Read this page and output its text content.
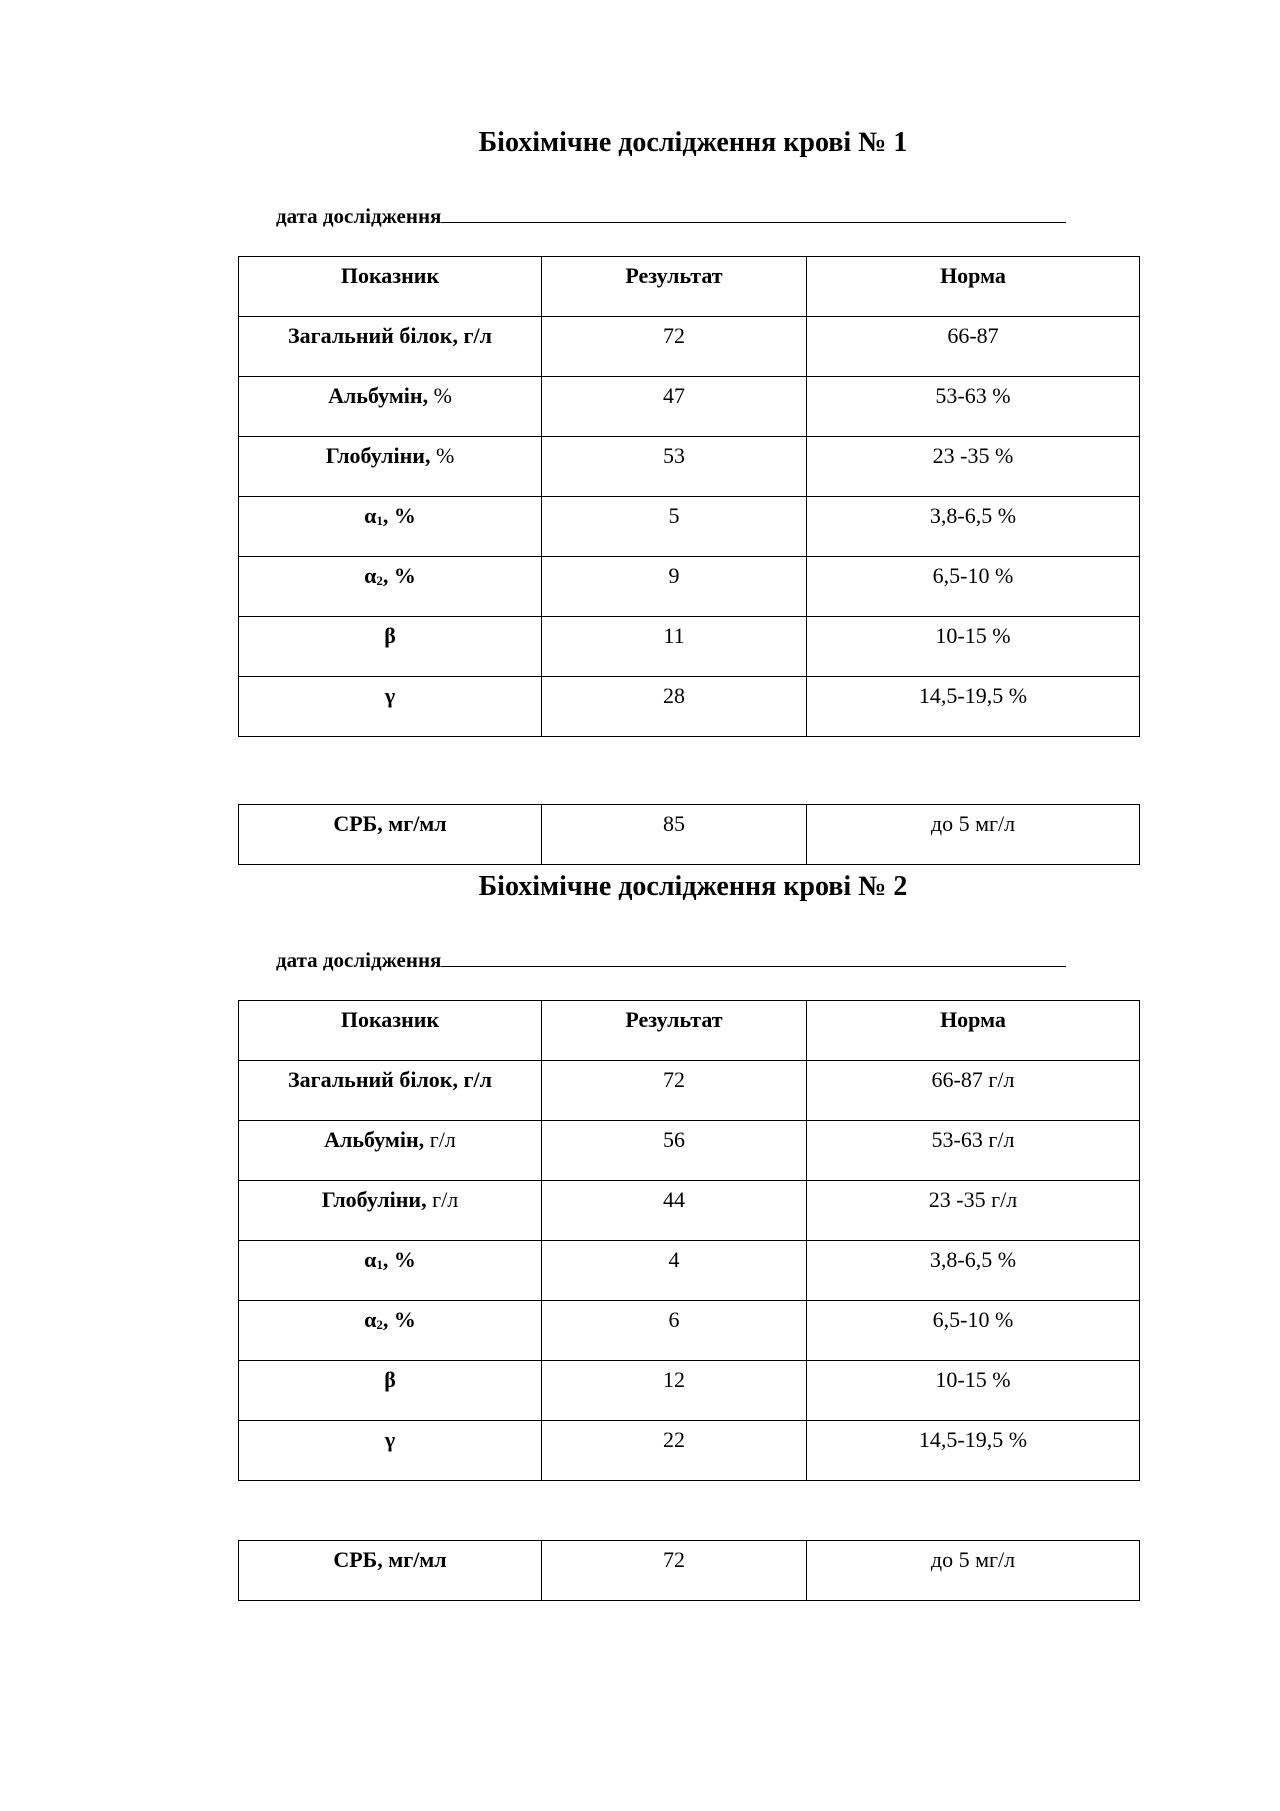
Біохімічне дослідження крові № 1
дата дослідження
Показник	Результат	Норма

Загальний білок, г/л	72	66-87

Альбумін, %	47	53-63 %

Глобуліни, %	53	23 -35 %

$\alpha_1$, %	5	3,8-6,5 %

$\alpha_2$, %	9	6,5-10 %

β	11	10-15 %

γ	28	14,5-19,5 %
СРБ, мг/мл	85	до 5 мг/л
Біохімічне дослідження крові № 2
дата дослідження
Показник	Результат	Норма

Загальний білок, г/л	72	66-87 г/л

Альбумін, г/л	56	53-63 г/л

Глобуліни, г/л	44	23 -35 г/л

$\alpha_1$, %	4	3,8-6,5 %

$\alpha_2$, %	6	6,5-10 %

β	12	10-15 %

γ	22	14,5-19,5 %
СРБ, мг/мл	72	до 5 мг/л
